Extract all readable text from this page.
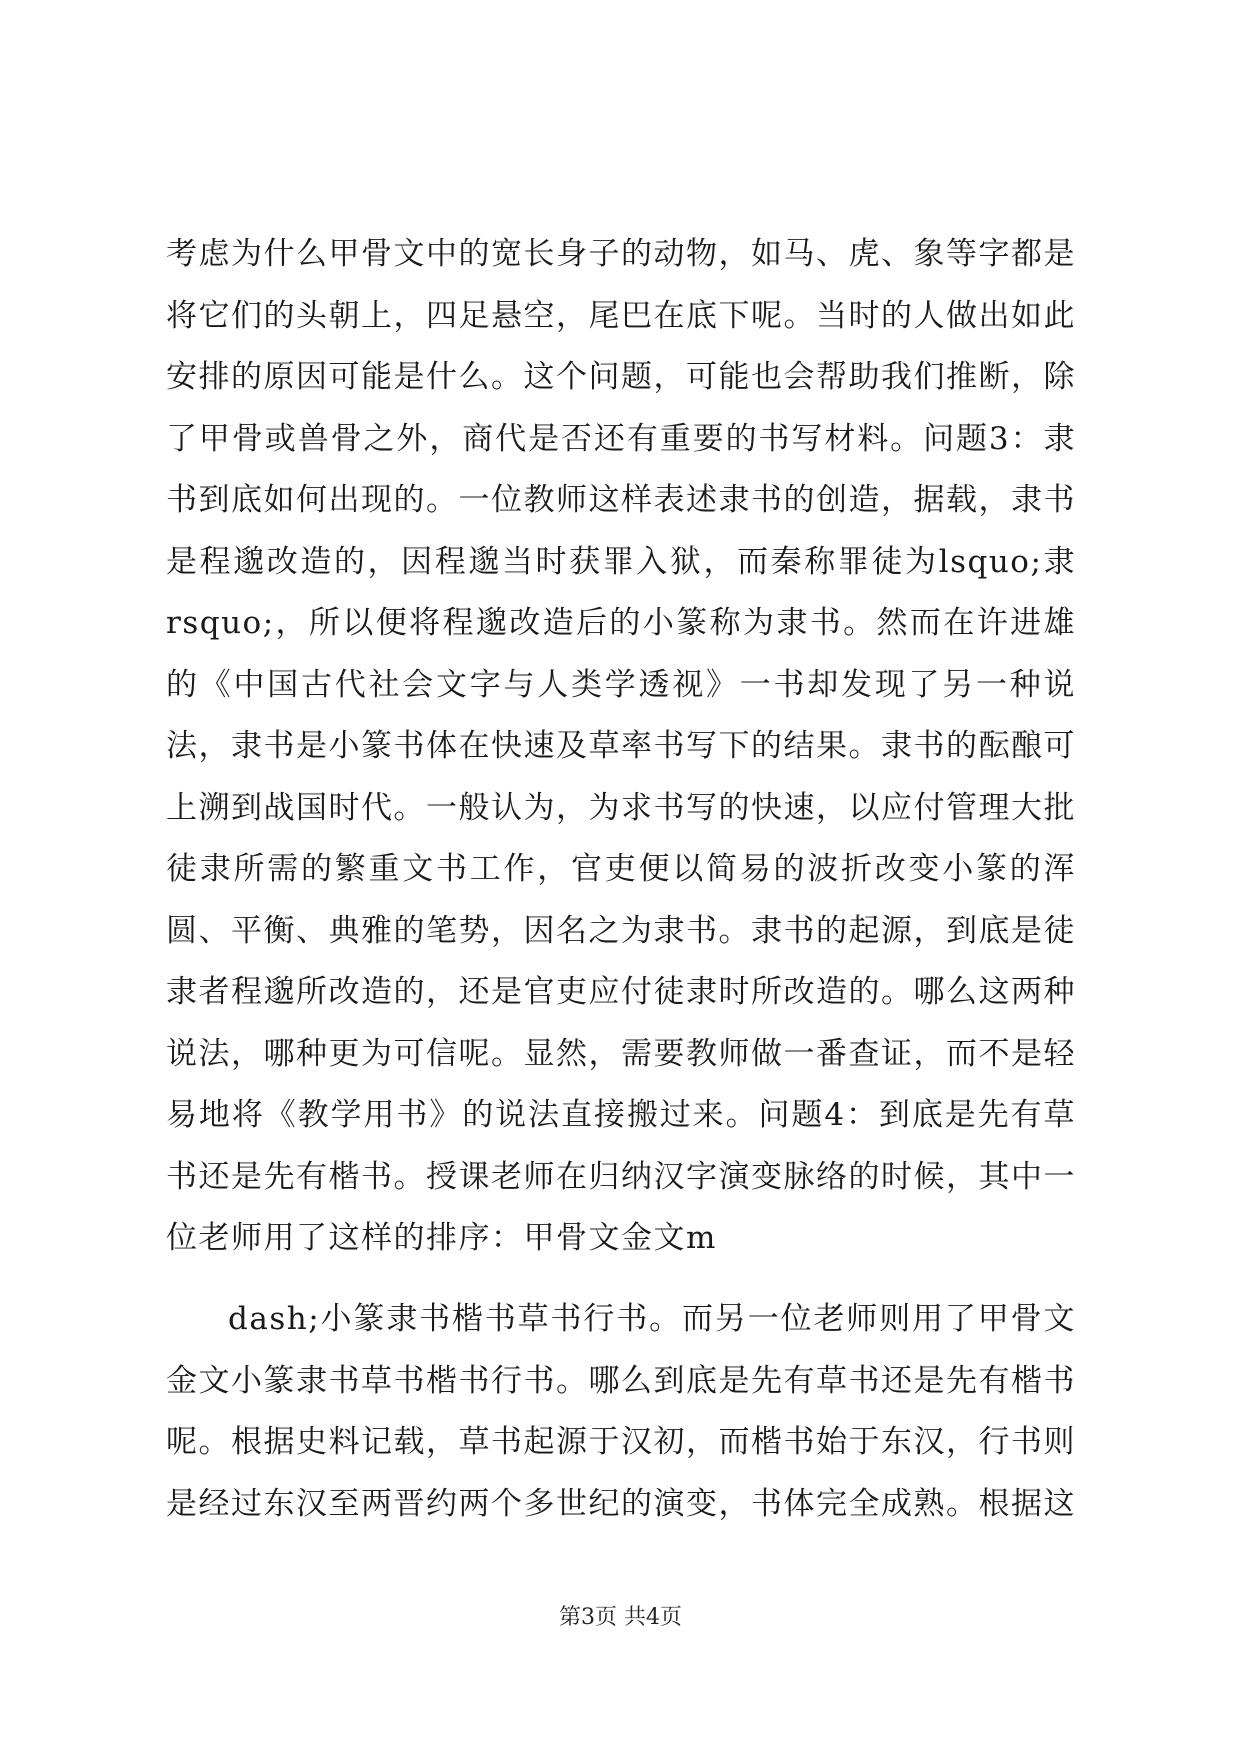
考虑为什么甲骨文中的宽长身子的动物，如马、虎、象等字都是将它们的头朝上，四足悬空，尾巴在底下呢。当时的人做出如此安排的原因可能是什么。这个问题，可能也会帮助我们推断，除了甲骨或兽骨之外，商代是否还有重要的书写材料。问题3：隶书到底如何出现的。一位教师这样表述隶书的创造，据载，隶书是程邈改造的，因程邈当时获罪入狱，而秦称罪徒为lsquo;隶rsquo;，所以便将程邈改造后的小篆称为隶书。然而在许进雄的《中国古代社会文字与人类学透视》一书却发现了另一种说法，隶书是小篆书体在快速及草率书写下的结果。隶书的酝酿可上溯到战国时代。一般认为，为求书写的快速，以应付管理大批徒隶所需的繁重文书工作，官吏便以简易的波折改变小篆的浑圆、平衡、典雅的笔势，因名之为隶书。隶书的起源，到底是徒隶者程邈所改造的，还是官吏应付徒隶时所改造的。哪么这两种说法，哪种更为可信呢。显然，需要教师做一番查证，而不是轻易地将《教学用书》的说法直接搬过来。问题4：到底是先有草书还是先有楷书。授课老师在归纳汉字演变脉络的时候，其中一位老师用了这样的排序：甲骨文金文m

dash;小篆隶书楷书草书行书。而另一位老师则用了甲骨文金文小篆隶书草书楷书行书。哪么到底是先有草书还是先有楷书呢。根据史料记载，草书起源于汉初，而楷书始于东汉，行书则是经过东汉至两晋约两个多世纪的演变，书体完全成熟。根据这

第3页 共4页
